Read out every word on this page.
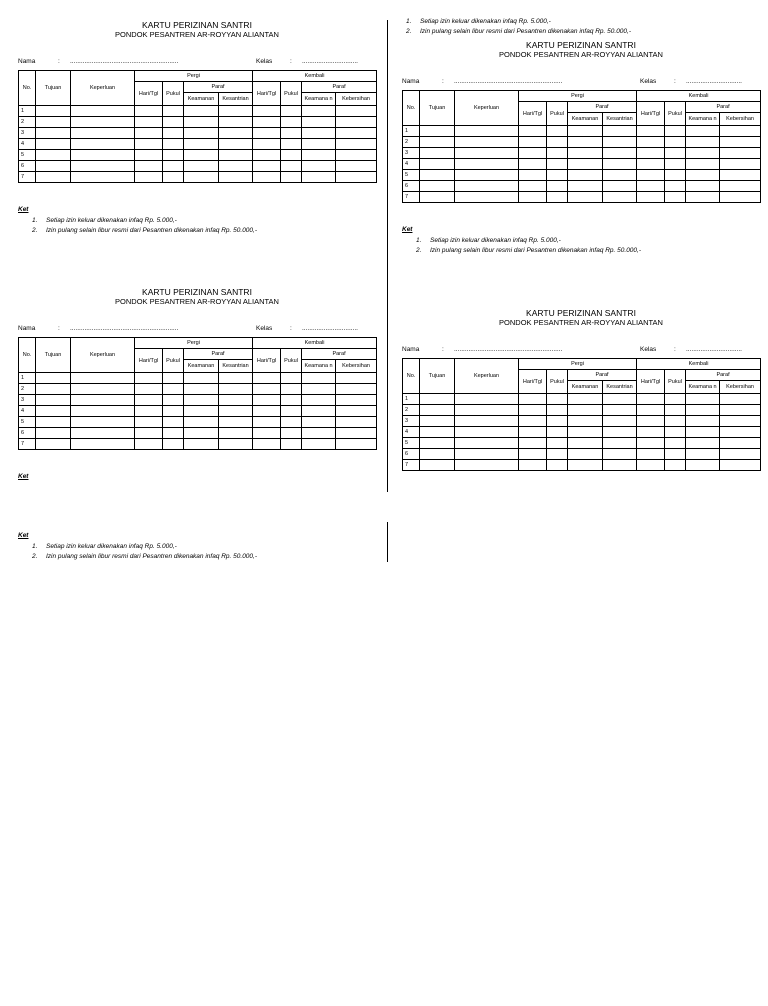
1. Setiap izin keluar dikenakan infaq Rp. 5.000,-
2. Izin pulang selain libur resmi dari Pesantren dikenakan infaq Rp. 50.000,-
KARTU PERIZINAN SANTRI
PONDOK PESANTREN AR-ROYYAN ALIANTAN
Nama	: ............................................................	Kelas	: ...............................
No.	Tujuan	Keperluan	Pergi				Kembali			
			Hari/Tgl	Pukul	Paraf		Hari/Tgl	Pukul	Paraf	
					Keamanan	Kesantrian			Keamana n	Kebersihan
1										
2										
3										
4										
5										
6										
7										
Ket
1. Setiap izin keluar dikenakan infaq Rp. 5.000,-
2. Izin pulang selain libur resmi dari Pesantren dikenakan infaq Rp. 50.000,-
KARTU PERIZINAN SANTRI
PONDOK PESANTREN AR-ROYYAN ALIANTAN
Nama	: ............................................................	Kelas	: ...............................
No.	Tujuan	Keperluan	Pergi				Kembali			
			Hari/Tgl	Pukul	Paraf		Hari/Tgl	Pukul	Paraf	
					Keamanan	Kesantrian			Keamana n	Kebersihan
1										
2										
3										
4										
5										
6										
7										
Ket
1. Setiap izin keluar dikenakan infaq Rp. 5.000,-
2. Izin pulang selain libur resmi dari Pesantren dikenakan infaq Rp. 50.000,-
KARTU PERIZINAN SANTRI
PONDOK PESANTREN AR-ROYYAN ALIANTAN
Nama	: ............................................................	Kelas	: ...............................
No.	Tujuan	Keperluan	Pergi				Kembali			
			Hari/Tgl	Pukul	Paraf		Hari/Tgl	Pukul	Paraf	
					Keamanan	Kesantrian			Keamana n	Kebersihan
1										
2										
3										
4										
5										
6										
7										
Ket
KARTU PERIZINAN SANTRI
PONDOK PESANTREN AR-ROYYAN ALIANTAN
Nama	: ............................................................	Kelas	: ...............................
No.	Tujuan	Keperluan	Pergi				Kembali			
			Hari/Tgl	Pukul	Paraf		Hari/Tgl	Pukul	Paraf	
					Keamanan	Kesantrian			Keamana n	Kebersihan
1										
2										
3										
4										
5										
6										
7										
Ket
1. Setiap izin keluar dikenakan infaq Rp. 5.000,-
2. Izin pulang selain libur resmi dari Pesantren dikenakan infaq Rp. 50.000,-
